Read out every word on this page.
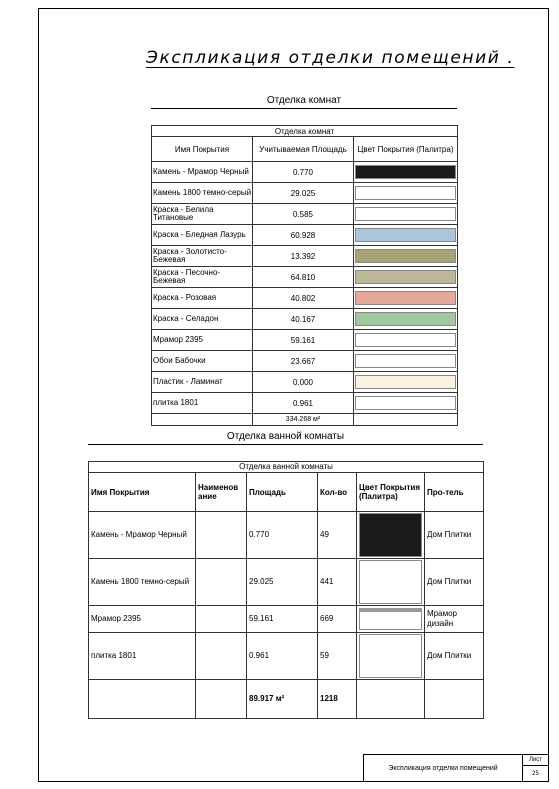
Экспликация отделки помещений .
Отделка комнат
Отделка комнат		
Имя Покрытия	Учитываемая Площадь	Цвет Покрытия (Палитра)
Камень - Мрамор Черный	0.770	

Камень 1800 темно-серый	29.025	

Краска - Белила Титановые	0.585	

Краска - Бледная Лазурь	60.928	

Краска - Золотисто-Бежевая	13.392	

Краска - Песочно-Бежевая	64.810	

Краска - Розовая	40.802	

Краска - Селадон	40.167	

Мрамор 2395	59.161	

Обои Бабочки	23.667	

Пластик - Ламинат	0.000	

плитка 1801	0.961	

	334.268 м²	
Отделка ванной комнаты
Отделка ванной комнаты					
Имя Покрытия	Наименов ание	Площадь	Кол-во	Цвет Покрытия (Палитра)	Про-тель
Камень - Мрамор Черный		0.770	49		Дом Плитки
Камень 1800 темно-серый		29.025	441		Дом Плитки
Мрамор 2395		59.161	669		Мрамор дизайн
плитка 1801		0.961	59		Дом Плитки
		89.917 м²	1218		
Экспликация отделки помещений
Лист
25
